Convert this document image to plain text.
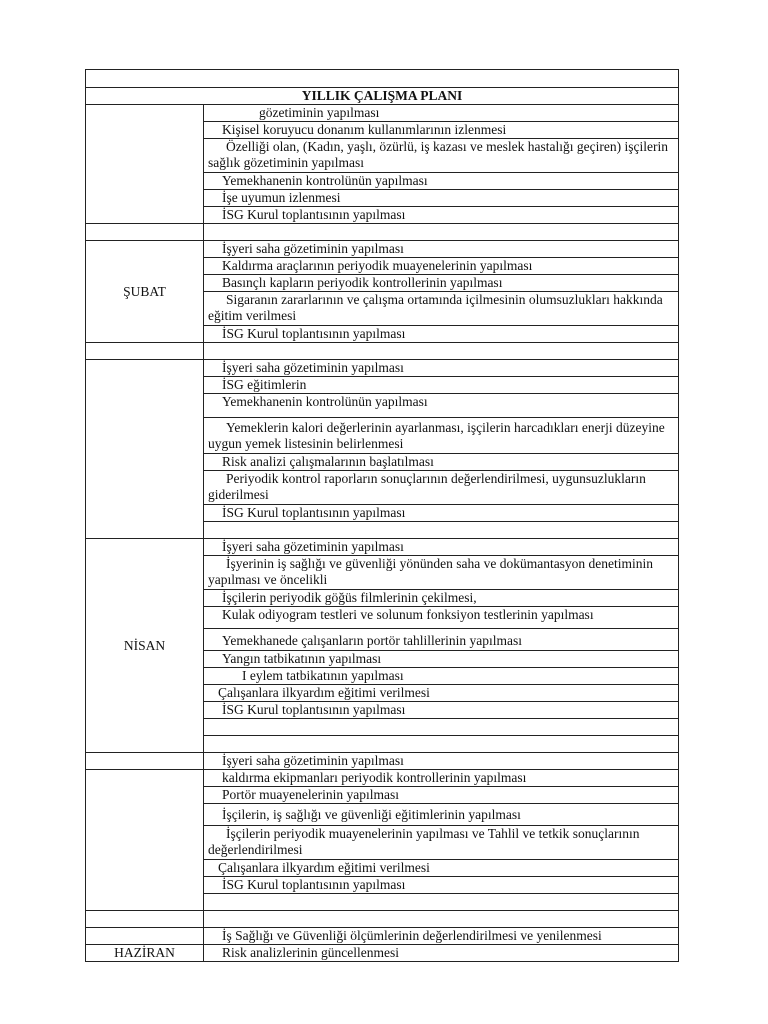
YILLIK ÇALIŞMA PLANI	
	gözetiminin yapılması
	Kişisel koruyucu donanım kullanımlarının izlenmesi
	Özelliği olan, (Kadın, yaşlı, özürlü, iş kazası ve meslek hastalığı geçiren) işçilerin sağlık gözetiminin yapılması
	Yemekhanenin kontrolünün yapılması
	İşe uyumun izlenmesi
	İSG Kurul toplantısının yapılması

ŞUBAT	İşyeri saha gözetiminin yapılması
	Kaldırma araçlarının periyodik muayenelerinin yapılması
	Basınçlı kapların periyodik kontrollerinin yapılması
	Sigaranın zararlarının ve çalışma ortamında içilmesinin olumsuzlukları hakkında eğitim verilmesi
	İSG Kurul toplantısının yapılması

	İşyeri saha gözetiminin yapılması
	İSG eğitimlerin
	Yemekhanenin kontrolünün yapılması
	Yemeklerin kalori değerlerinin ayarlanması, işçilerin harcadıkları enerji düzeyine uygun yemek listesinin belirlenmesi
	Risk analizi çalışmalarının başlatılması
	Periyodik kontrol raporların sonuçlarının değerlendirilmesi, uygunsuzlukların giderilmesi
	İSG Kurul toplantısının yapılması

NİSAN	İşyeri saha gözetiminin yapılması
	İşyerinin iş sağlığı ve güvenliği yönünden saha ve dokümantasyon denetiminin yapılması ve öncelikli
	İşçilerin periyodik göğüs filmlerinin çekilmesi,
	Kulak odiyogram testleri ve solunum fonksiyon testlerinin yapılması
	Yemekhanede çalışanların portör tahlillerinin yapılması
	Yangın tatbikatının yapılması
	I eylem tatbikatının yapılması
	Çalışanlara ilkyardım eğitimi verilmesi
	İSG Kurul toplantısının yapılması

	İşyeri saha gözetiminin yapılması
	kaldırma ekipmanları periyodik kontrollerinin yapılması
	Portör muayenelerinin yapılması
	İşçilerin, iş sağlığı ve güvenliği eğitimlerinin yapılması
	İşçilerin periyodik muayenelerinin yapılması ve Tahlil ve tetkik sonuçlarının değerlendirilmesi
	Çalışanlara ilkyardım eğitimi verilmesi
	İSG Kurul toplantısının yapılması

	İş Sağlığı ve Güvenliği ölçümlerinin değerlendirilmesi ve yenilenmesi
HAZİRAN	Risk analizlerinin güncellenmesi
